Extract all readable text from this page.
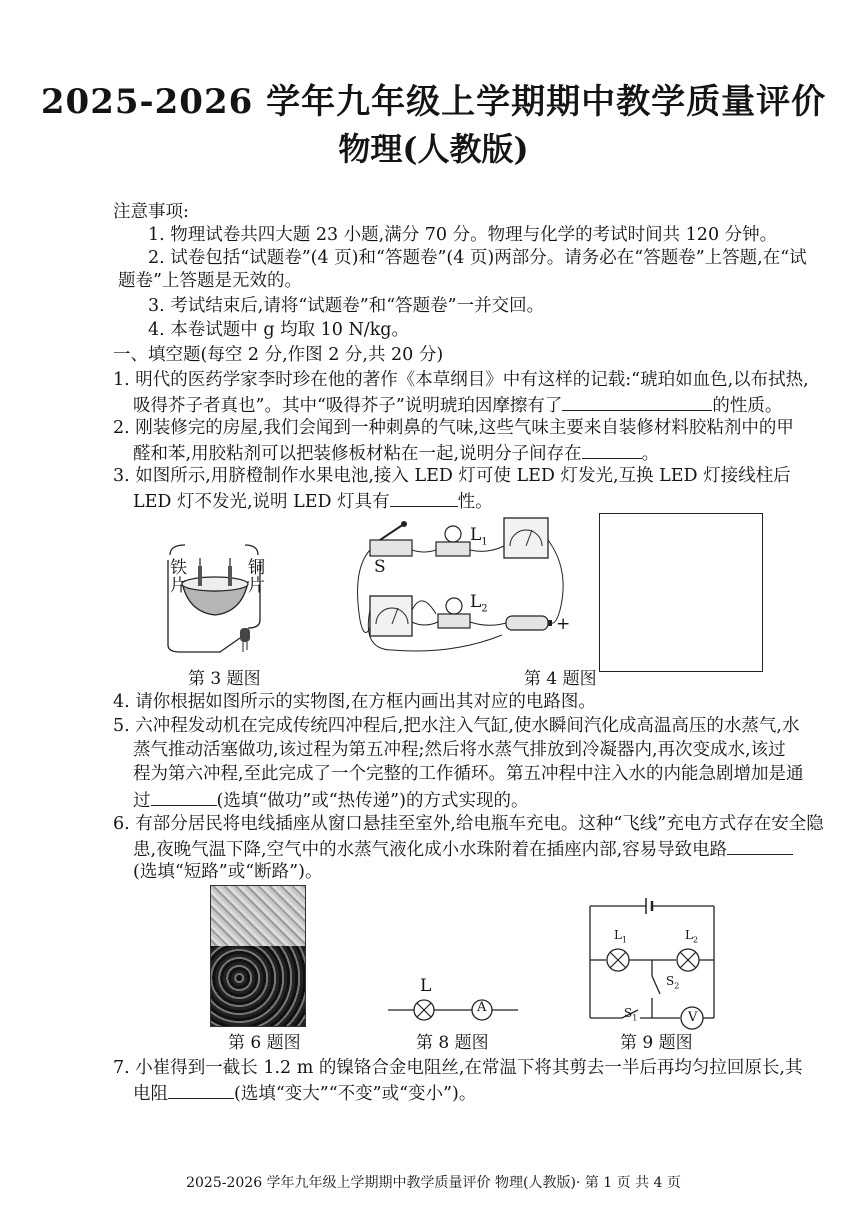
2025-2026 学年九年级上学期期中教学质量评价
物理(人教版)
注意事项:
1. 物理试卷共四大题 23 小题,满分 70 分。物理与化学的考试时间共 120 分钟。
2. 试卷包括“试题卷”(4 页)和“答题卷”(4 页)两部分。请务必在“答题卷”上答题,在“试
题卷”上答题是无效的。
3. 考试结束后,请将“试题卷”和“答题卷”一并交回。
4. 本卷试题中 g 均取 10 N/kg。
一、填空题(每空 2 分,作图 2 分,共 20 分)
1. 明代的医药学家李时珍在他的著作《本草纲目》中有这样的记载:“琥珀如血色,以布拭热,
吸得芥子者真也”。其中“吸得芥子”说明琥珀因摩擦有了	的性质。
2. 刚装修完的房屋,我们会闻到一种刺鼻的气味,这些气味主要来自装修材料胶粘剂中的甲
醛和苯,用胶粘剂可以把装修板材粘在一起,说明分子间存在	。
3. 如图所示,用脐橙制作水果电池,接入 LED 灯可使 LED 灯发光,互换 LED 灯接线柱后
LED 灯不发光,说明 LED 灯具有	性。
铁
片
铜
片
第 3 题图
S
$L_1$
$L_2$
+
第 4 题图
4. 请你根据如图所示的实物图,在方框内画出其对应的电路图。
5. 六冲程发动机在完成传统四冲程后,把水注入气缸,使水瞬间汽化成高温高压的水蒸气,水
蒸气推动活塞做功,该过程为第五冲程;然后将水蒸气排放到冷凝器内,再次变成水,该过
程为第六冲程,至此完成了一个完整的工作循环。第五冲程中注入水的内能急剧增加是通
过	(选填“做功”或“热传递”)的方式实现的。
6. 有部分居民将电线插座从窗口悬挂至室外,给电瓶车充电。这种“飞线”充电方式存在安全隐
患,夜晚气温下降,空气中的水蒸气液化成小水珠附着在插座内部,容易导致电路
(选填“短路”或“断路”)。
第 6 题图
L
A
第 8 题图
$L_1$	$L_2$
$S_2$
$S_1$	V
第 9 题图
7. 小崔得到一截长 1.2 m 的镍铬合金电阻丝,在常温下将其剪去一半后再均匀拉回原长,其
电阻	(选填“变大”“不变”或“变小”)。
2025-2026 学年九年级上学期期中教学质量评价 物理(人教版)· 第 1 页 共 4 页
